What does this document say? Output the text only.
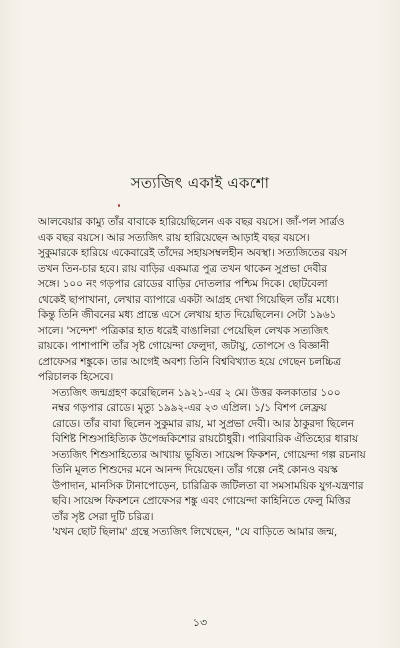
সত্যজিৎ একাই একশো

আলবেয়ার কাম্যু তাঁর বাবাকে হারিয়েছিলেন এক বছর বয়সে। জাঁ-পল সার্ত্রও
এক বছর বয়সে। আর সত্যজিৎ রায় হারিয়েছেন আড়াই বছর বয়সে।
সুকুমারকে হারিয়ে একেবারেই তাঁদের সহায়সম্বলহীন অবস্থা। সত্যজিতের বয়স
তখন তিন-চার হবে। রায় বাড়ির একমাত্র পুত্র তখন থাকেন সুপ্রভা দেবীর
সঙ্গে। ১০০ নং গড়পার রোডের বাড়ির দোতলার পশ্চিম দিকে। ছোটবেলা
থেকেই ছাপাখানা, লেখার ব্যাপারে একটা আগ্রহ দেখা গিয়েছিল তাঁর মধ্যে।
কিন্তু তিনি জীবনের মধ্য প্রান্তে এসে লেখায় হাত দিয়েছিলেন। সেটা ১৯৬১
সালে। 'সন্দেশ' পত্রিকার হাত ধরেই বাঙালিরা পেয়েছিল লেখক সত্যজিৎ
রায়কে। পাশাপাশি তাঁর সৃষ্ট গোয়েন্দা ফেলুদা, জটায়ু, তোপসে ও বিজ্ঞানী
প্রোফেসর শঙ্কুকে। তার আগেই অবশ্য তিনি বিশ্ববিখ্যাত হয়ে গেছেন চলচ্চিত্র
পরিচালক হিসেবে।

সত্যজিৎ জন্মগ্রহণ করেছিলেন ১৯২১-এর ২ মে। উত্তর কলকাতার ১০০
নম্বর গড়পার রোডে। মৃত্যু ১৯৯২-এর ২৩ এপ্রিল। ১/১ বিশপ লেফ্রয়
রোডে। তাঁর বাবা ছিলেন সুকুমার রায়, মা সুপ্রভা দেবী। আর ঠাকুরদা ছিলেন
বিশিষ্ট শিশুসাহিত্যিক উপেন্দ্রকিশোর রায়চৌধুরী। পারিবারিক ঐতিহ্যের ধারায়
সত্যজিৎ শিশুসাহিত্যের আখ্যায় ভূষিত। সায়েন্স ফিকশন, গোয়েন্দা গল্প রচনায়
তিনি মূলত শিশুদের মনে আনন্দ দিয়েছেন। তাঁর গল্পে নেই কোনও বয়স্ক
উপাদান, মানসিক টানাপোড়েন, চারিত্রিক জটিলতা বা সমসাময়িক যুগ-যন্ত্রণার
ছবি। সায়েন্স ফিকশনে প্রোফেসর শঙ্কু এবং গোয়েন্দা কাহিনিতে ফেলু মিত্তির
তাঁর সৃষ্ট সেরা দুটি চরিত্র।

'যখন ছোট ছিলাম' গ্রন্থে সত্যজিৎ লিখেছেন, "যে বাড়িতে আমার জন্ম,

১৩
